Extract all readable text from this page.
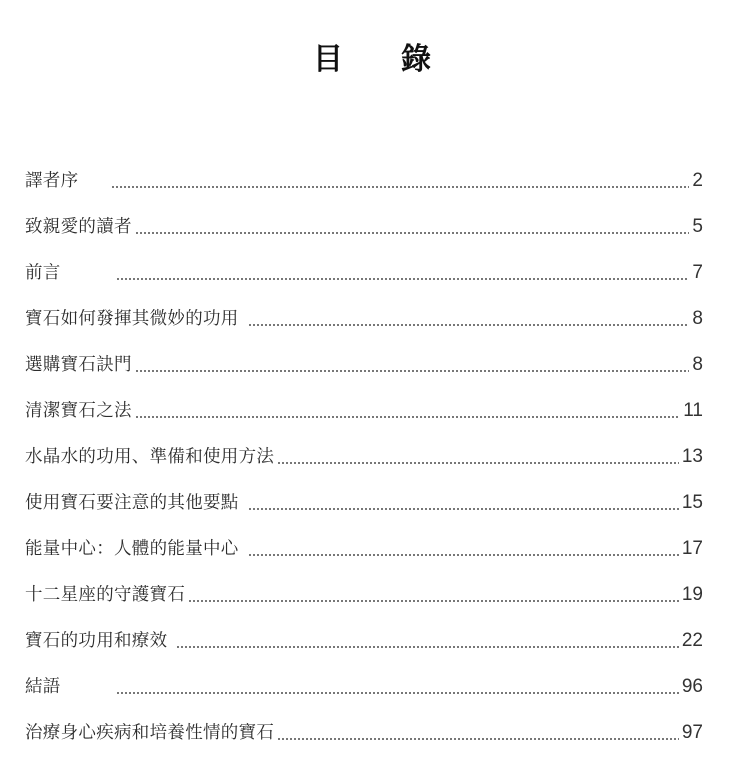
目 錄
譯者序	2
致親愛的讀者	5
前言	7
寶石如何發揮其微妙的功用	8
選購寶石訣門	8
清潔寶石之法	11
水晶水的功用、準備和使用方法	13
使用寶石要注意的其他要點	15
能量中心：人體的能量中心	17
十二星座的守護寶石	19
寶石的功用和療效	22
結語	96
治療身心疾病和培養性情的寶石	97
